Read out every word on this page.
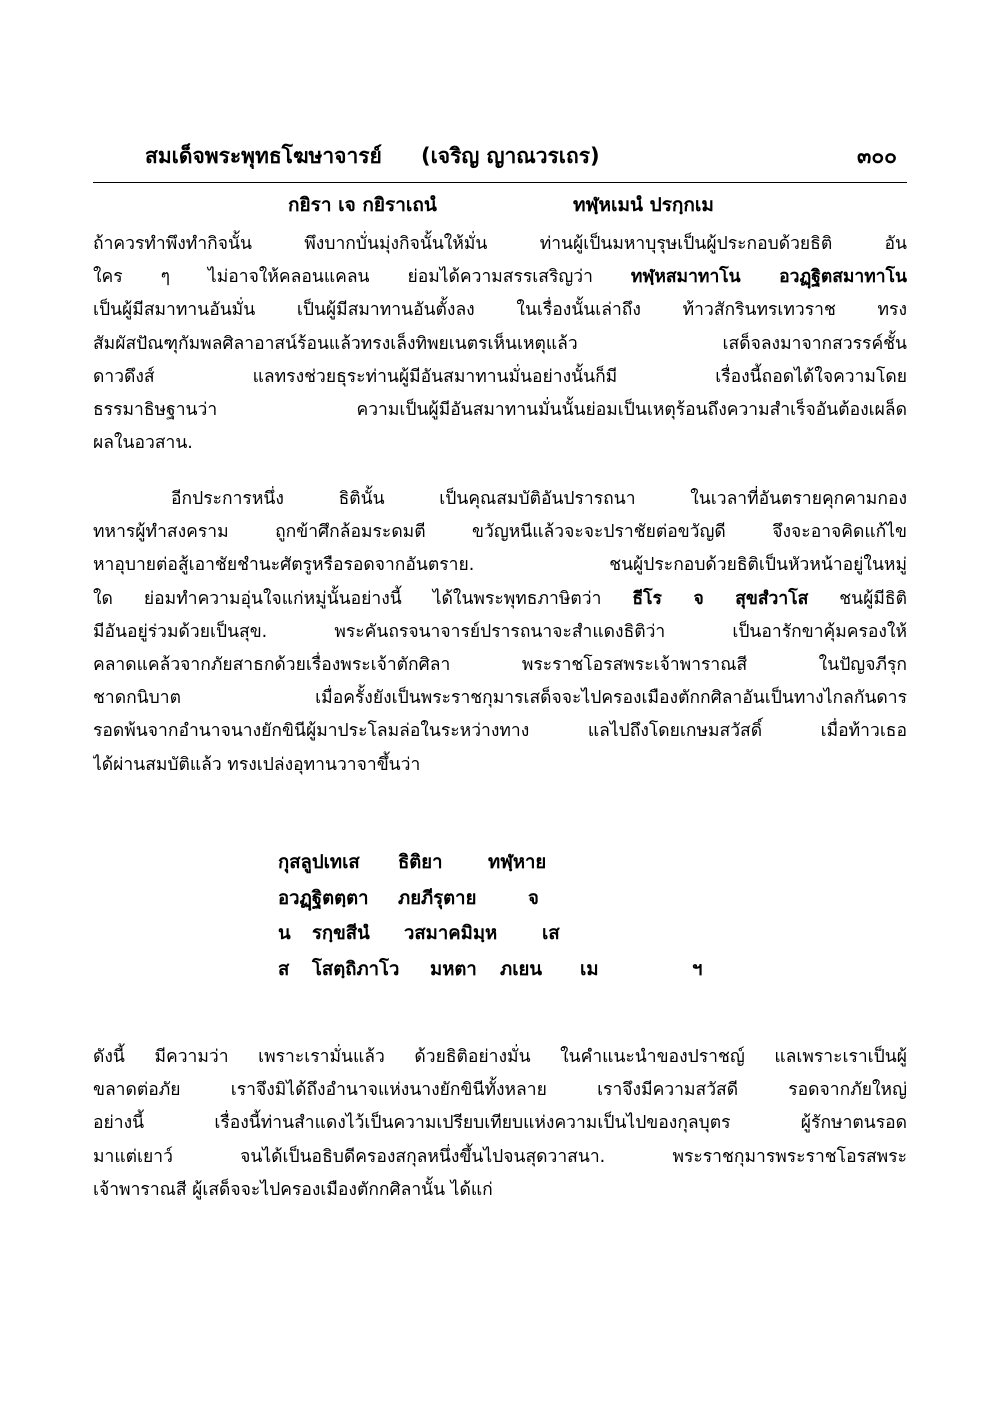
สมเด็จพระพุทธโฆษาจารย์ (เจริญ ญาณวรเถร)	๓๐๐
กยิรา เจ กยิราเถนํ	ทฬฺหเมนํ ปรกฺกเม
ถ้าควรทำพึงทำกิจนั้น พึงบากบั่นมุ่งกิจนั้นให้มั่น ท่านผู้เป็นมหาบุรุษเป็นผู้ประกอบด้วยธิติ อัน
ใคร ๆ ไม่อาจให้คลอนแคลน ย่อมได้ความสรรเสริญว่า ทฬฺหสมาทาโน อวฏฺฐิตสมาทาโน
เป็นผู้มีสมาทานอันมั่น เป็นผู้มีสมาทานอันตั้งลง ในเรื่องนั้นเล่าถึง ท้าวสักรินทรเทวราช ทรง
สัมผัสปัณฑุกัมพลศิลาอาสน์ร้อนแล้วทรงเล็งทิพยเนตรเห็นเหตุแล้ว เสด็จลงมาจากสวรรค์ชั้น
ดาวดึงส์ แลทรงช่วยธุระท่านผู้มีอันสมาทานมั่นอย่างนั้นก็มี เรื่องนี้ถอดได้ใจความโดย
ธรรมาธิษฐานว่า ความเป็นผู้มีอันสมาทานมั่นนั้นย่อมเป็นเหตุร้อนถึงความสำเร็จอันต้องเผล็ด
ผลในอวสาน.
อีกประการหนึ่ง ธิตินั้น เป็นคุณสมบัติอันปรารถนา ในเวลาที่อันตรายคุกคามกอง
ทหารผู้ทำสงคราม ถูกข้าศึกล้อมระดมตี ขวัญหนีแล้วจะจะปราชัยต่อขวัญดี จึงจะอาจคิดแก้ไข
หาอุบายต่อสู้เอาชัยชำนะศัตรูหรือรอดจากอันตราย. ชนผู้ประกอบด้วยธิติเป็นหัวหน้าอยู่ในหมู่
ใด ย่อมทำความอุ่นใจแก่หมู่นั้นอย่างนี้ ได้ในพระพุทธภาษิตว่า ธีโร จ สุขสํวาโส ชนผู้มีธิติ
มีอันอยู่ร่วมด้วยเป็นสุข. พระคันถรจนาจารย์ปรารถนาจะสำแดงธิติว่า เป็นอารักขาคุ้มครองให้
คลาดแคล้วจากภัยสาธกด้วยเรื่องพระเจ้าตักศิลา พระราชโอรสพระเจ้าพาราณสี ในปัญจภีรุก
ชาดกนิบาต เมื่อครั้งยังเป็นพระราชกุมารเสด็จจะไปครองเมืองตักกศิลาอันเป็นทางไกลกันดาร
รอดพ้นจากอำนาจนางยักขินีผู้มาประโลมล่อในระหว่างทาง แลไปถึงโดยเกษมสวัสดิ์ เมื่อท้าวเธอ
ได้ผ่านสมบัติแล้ว ทรงเปล่งอุทานวาจาขึ้นว่า
กุสลูปเทเส ธิติยา ทฬฺหาย
อวฏฺฐิตตฺตา ภยภีรุตาย	จ
น รกฺขสีนํ วสมาคมิมฺห เส
ส โสตฺถิภาโว มหตา ภเยน เม	ฯ
ดังนี้ มีความว่า เพราะเรามั่นแล้ว ด้วยธิติอย่างมั่น ในคำแนะนำของปราชญ์ แลเพราะเราเป็นผู้
ขลาดต่อภัย เราจึงมิได้ถึงอำนาจแห่งนางยักขินีทั้งหลาย เราจึงมีความสวัสดี รอดจากภัยใหญ่
อย่างนี้ เรื่องนี้ท่านสำแดงไว้เป็นความเปรียบเทียบแห่งความเป็นไปของกุลบุตร ผู้รักษาตนรอด
มาแต่เยาว์ จนได้เป็นอธิบดีครองสกุลหนึ่งขึ้นไปจนสุดวาสนา. พระราชกุมารพระราชโอรสพระ
เจ้าพาราณสี ผู้เสด็จจะไปครองเมืองตักกศิลานั้น ได้แก่
